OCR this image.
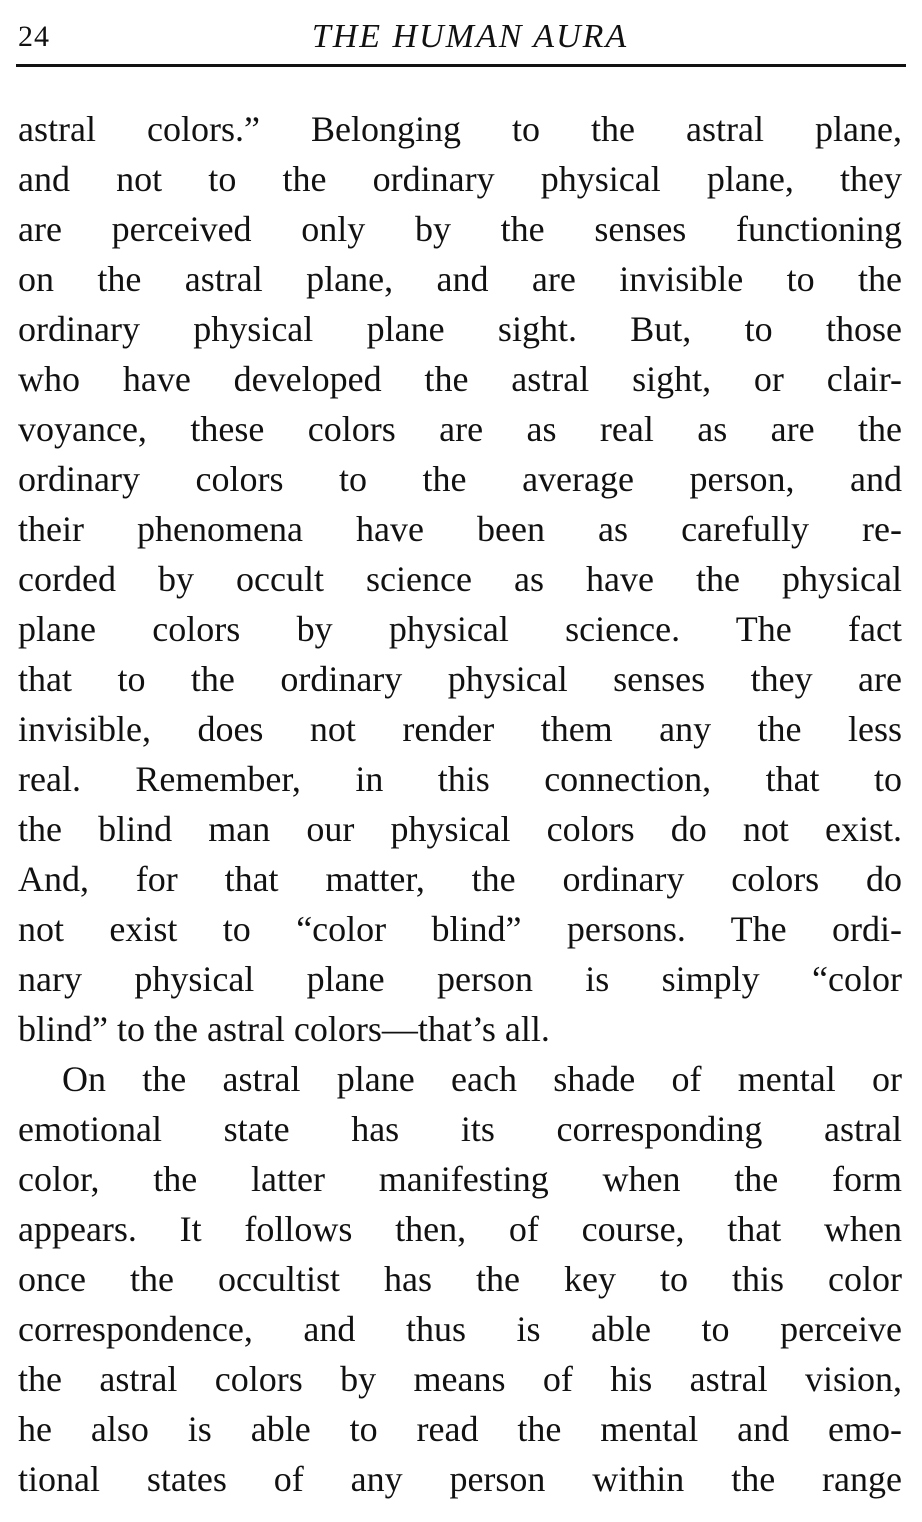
24	THE HUMAN AURA
astral colors.” Belonging to the astral plane,
and not to the ordinary physical plane, they
are perceived only by the senses functioning
on the astral plane, and are invisible to the
ordinary physical plane sight. But, to those
who have developed the astral sight, or clair-
voyance, these colors are as real as are the
ordinary colors to the average person, and
their phenomena have been as carefully re-
corded by occult science as have the physical
plane colors by physical science. The fact
that to the ordinary physical senses they are
invisible, does not render them any the less
real. Remember, in this connection, that to
the blind man our physical colors do not exist.
And, for that matter, the ordinary colors do
not exist to “color blind” persons. The ordi-
nary physical plane person is simply “color
blind” to the astral colors—that’s all.
On the astral plane each shade of mental or
emotional state has its corresponding astral
color, the latter manifesting when the form
appears. It follows then, of course, that when
once the occultist has the key to this color
correspondence, and thus is able to perceive
the astral colors by means of his astral vision,
he also is able to read the mental and emo-
tional states of any person within the range
